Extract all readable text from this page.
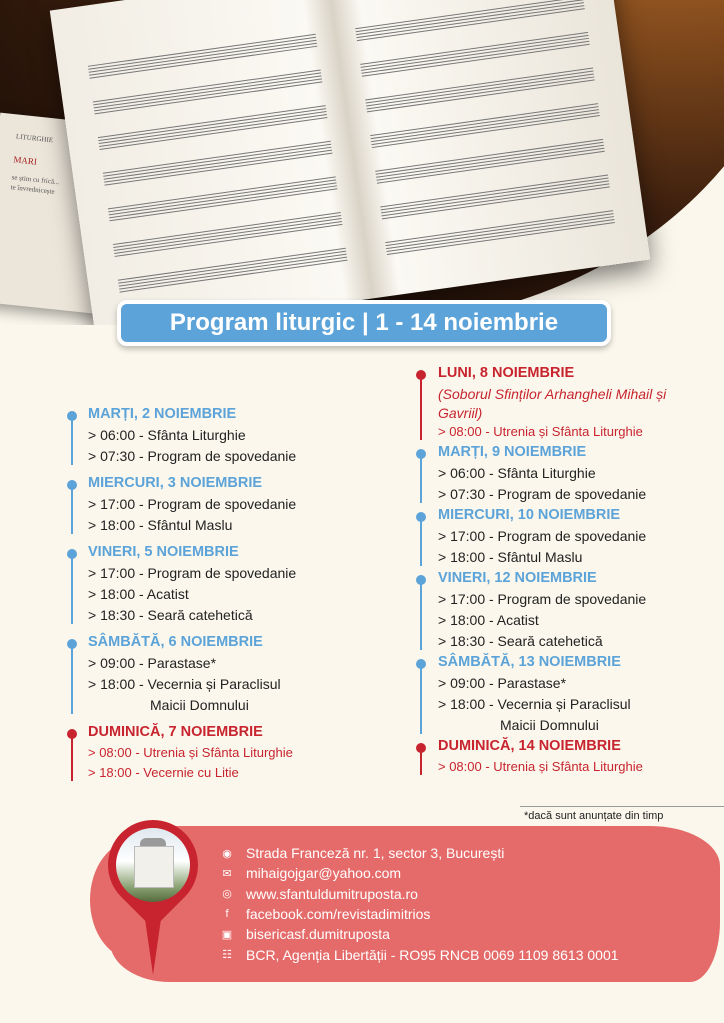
LITURGHIE
MARI
se știm cu frică...
te învrednicește
Program liturgic | 1 - 14 noiembrie
MARȚI, 2 NOIEMBRIE
> 06:00 - Sfânta Liturghie
> 07:30 - Program de spovedanie
MIERCURI, 3 NOIEMBRIE
> 17:00 - Program de spovedanie
> 18:00 - Sfântul Maslu
VINERI, 5 NOIEMBRIE
> 17:00 - Program de spovedanie
> 18:00 - Acatist
> 18:30 - Seară catehetică
SÂMBĂTĂ, 6 NOIEMBRIE
> 09:00 - Parastase*
> 18:00 - Vecernia și Paraclisul
Maicii Domnului
DUMINICĂ, 7 NOIEMBRIE
> 08:00 - Utrenia și Sfânta Liturghie
> 18:00 - Vecernie cu Litie
LUNI, 8 NOIEMBRIE
(Soborul Sfinților Arhangheli Mihail și
Gavriil)
> 08:00 - Utrenia și Sfânta Liturghie
MARȚI, 9 NOIEMBRIE
> 06:00 - Sfânta Liturghie
> 07:30 - Program de spovedanie
MIERCURI, 10 NOIEMBRIE
> 17:00 - Program de spovedanie
> 18:00 - Sfântul Maslu
VINERI, 12 NOIEMBRIE
> 17:00 - Program de spovedanie
> 18:00 - Acatist
> 18:30 - Seară catehetică
SÂMBĂTĂ, 13 NOIEMBRIE
> 09:00 - Parastase*
> 18:00 - Vecernia și Paraclisul
Maicii Domnului
DUMINICĂ, 14 NOIEMBRIE
> 08:00 - Utrenia și Sfânta Liturghie
*dacă sunt anunțate din timp
◉ Strada Franceză nr. 1, sector 3, București
✉ mihaigojgar@yahoo.com
◎ www.sfantuldumitruposta.ro
f	facebook.com/revistadimitrios
▣ bisericasf.dumitruposta
☷ BCR, Agenția Libertății - RO95 RNCB 0069 1109 8613 0001
